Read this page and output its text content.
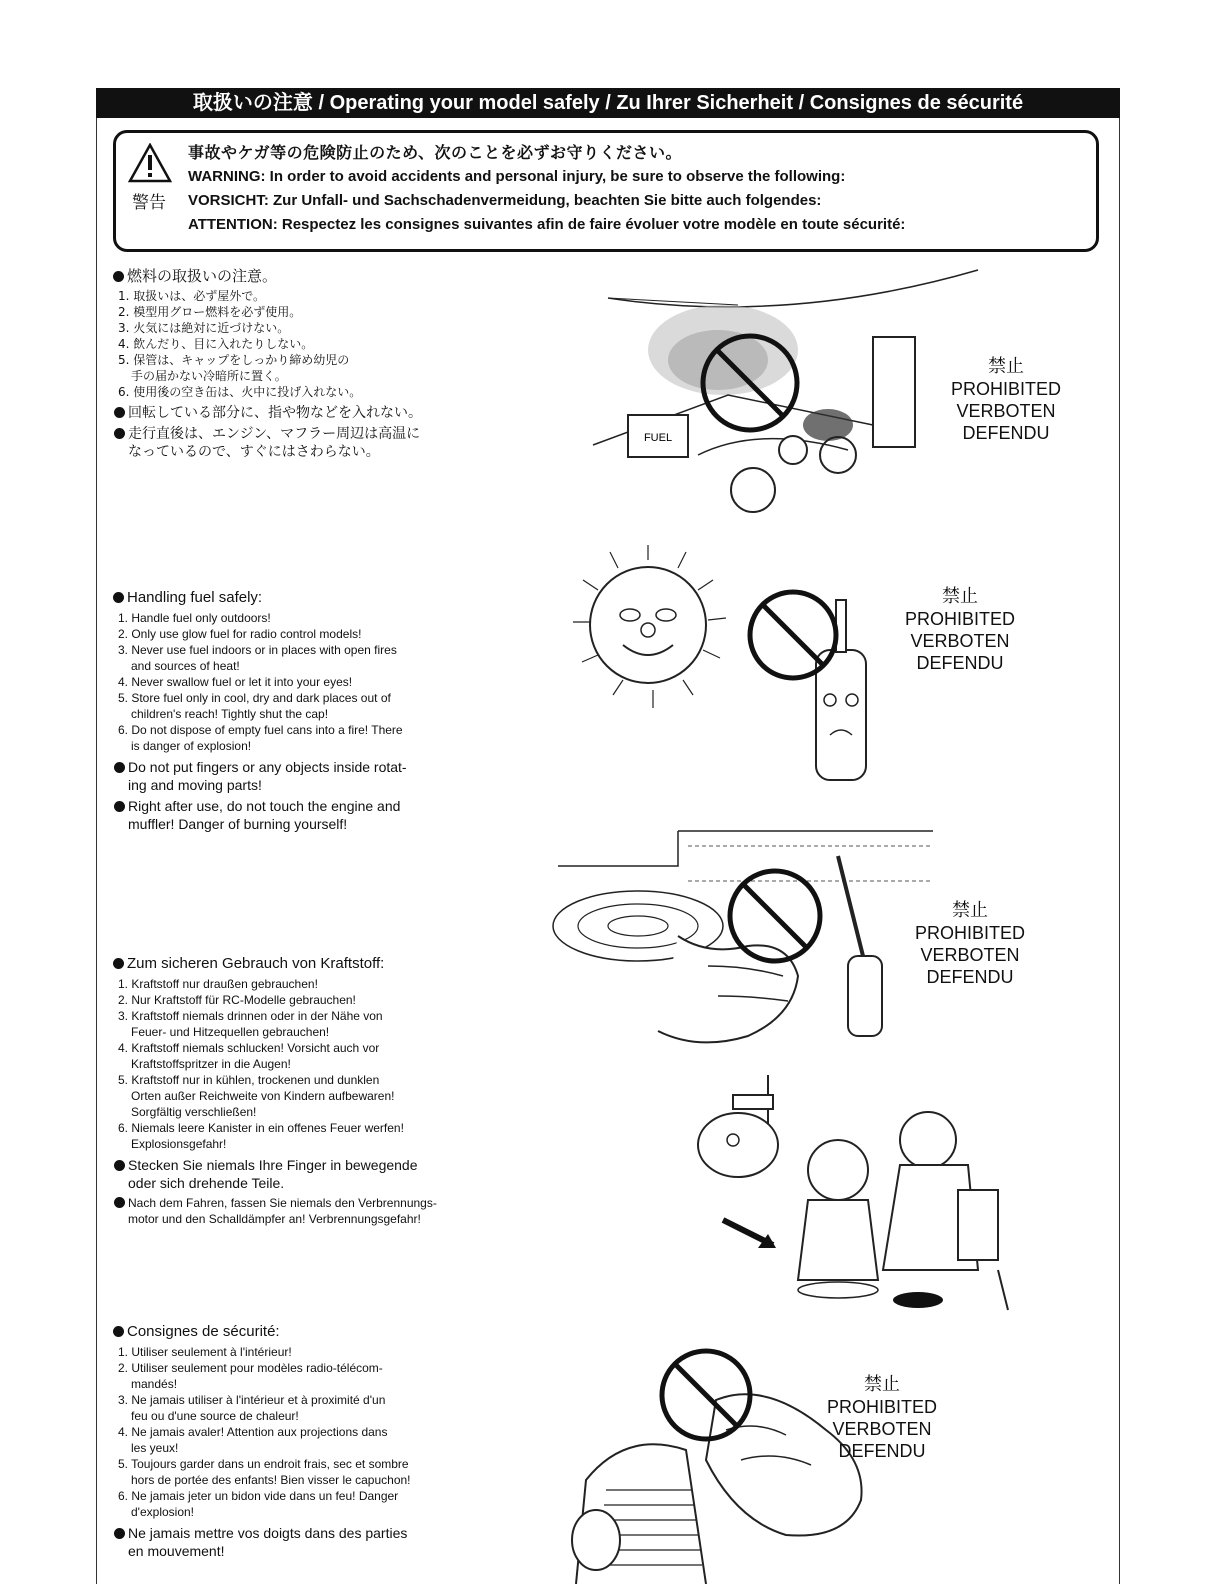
取扱いの注意 / Operating your model safely / Zu Ihrer Sicherheit / Consignes de sécurité
警告
事故やケガ等の危険防止のため、次のことを必ずお守りください。
WARNING: In order to avoid accidents and personal injury, be sure to observe the following:
VORSICHT: Zur Unfall- und Sachschadenvermeidung, beachten Sie bitte auch folgendes:
ATTENTION: Respectez les consignes suivantes afin de faire évoluer votre modèle en toute sécurité:
燃料の取扱いの注意。
1. 取扱いは、必ず屋外で。
2. 模型用グロー燃料を必ず使用。
3. 火気には絶対に近づけない。
4. 飲んだり、目に入れたりしない。
5. 保管は、キャップをしっかり締め幼児の
手の届かない冷暗所に置く。
6. 使用後の空き缶は、火中に投げ入れない。
回転している部分に、指や物などを入れない。
走行直後は、エンジン、マフラー周辺は高温に
なっているので、すぐにはさわらない。
Handling fuel safely:
1. Handle fuel only outdoors!
2. Only use glow fuel for radio control models!
3. Never use fuel indoors or in places with open fires
and sources of heat!
4. Never swallow fuel or let it into your eyes!
5. Store fuel only in cool, dry and dark places out of
children's reach! Tightly shut the cap!
6. Do not dispose of empty fuel cans into a fire! There
is danger of explosion!
Do not put fingers or any objects inside rotat-
ing and moving parts!
Right after use, do not touch the engine and
muffler! Danger of burning yourself!
Zum sicheren Gebrauch von Kraftstoff:
1. Kraftstoff nur draußen gebrauchen!
2. Nur Kraftstoff für RC-Modelle gebrauchen!
3. Kraftstoff niemals drinnen oder in der Nähe von
Feuer- und Hitzequellen gebrauchen!
4. Kraftstoff niemals schlucken! Vorsicht auch vor
Kraftstoffspritzer in die Augen!
5. Kraftstoff nur in kühlen, trockenen und dunklen
Orten außer Reichweite von Kindern aufbewaren!
Sorgfältig verschließen!
6. Niemals leere Kanister in ein offenes Feuer werfen!
Explosionsgefahr!
Stecken Sie niemals Ihre Finger in bewegende
oder sich drehende Teile.
Nach dem Fahren, fassen Sie niemals den Verbrennungs-
motor und den Schalldämpfer an! Verbrennungsgefahr!
Consignes de sécurité:
1. Utiliser seulement à l'intérieur!
2. Utiliser seulement pour modèles radio-télécom-
mandés!
3. Ne jamais utiliser à l'intérieur et à proximité d'un
feu ou d'une source de chaleur!
4. Ne jamais avaler! Attention aux projections dans
les yeux!
5. Toujours garder dans un endroit frais, sec et sombre
hors de portée des enfants! Bien visser le capuchon!
6. Ne jamais jeter un bidon vide dans un feu! Danger
d'explosion!
Ne jamais mettre vos doigts dans des parties
en mouvement!
FUEL
禁止
PROHIBITED
VERBOTEN
DEFENDU
禁止
PROHIBITED
VERBOTEN
DEFENDU
禁止
PROHIBITED
VERBOTEN
DEFENDU
禁止
PROHIBITED
VERBOTEN
DEFENDU
